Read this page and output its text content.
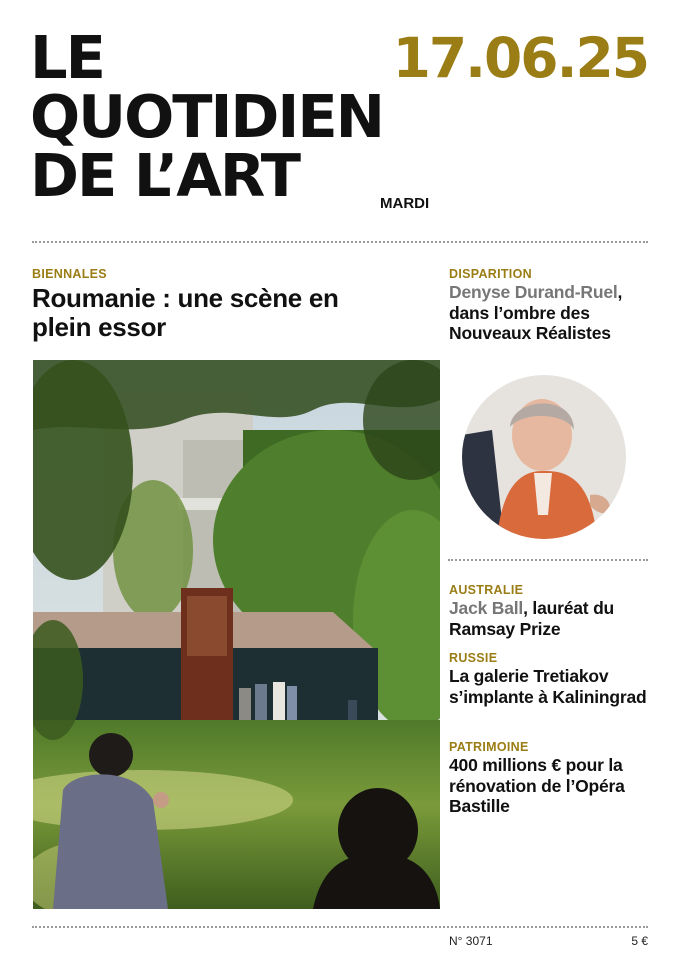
LE
QUOTIDIEN
DE L’ART
17.06.25
MARDI
BIENNALES
Roumanie : une scène en plein essor
DISPARITION
Denyse Durand-Ruel, dans l’ombre des Nouveaux Réalistes
AUSTRALIE
Jack Ball, lauréat du Ramsay Prize
RUSSIE
La galerie Tretiakov s’implante à Kaliningrad
PATRIMOINE
400 millions € pour la rénovation de l’Opéra Bastille
N° 3071	5 €
